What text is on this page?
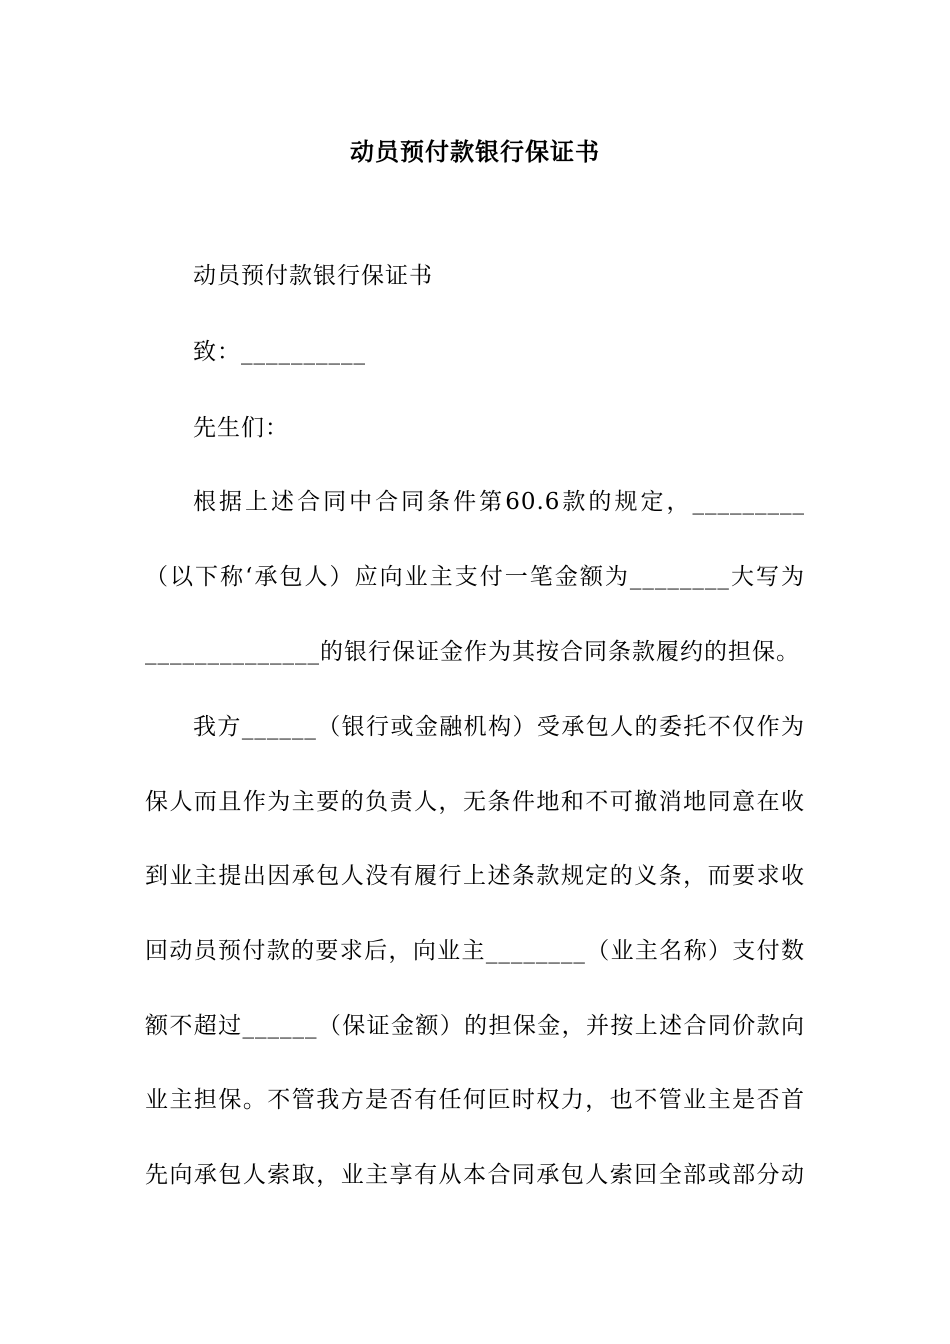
动员预付款银行保证书
动员预付款银行保证书
致：__________
先生们：
根据上述合同中合同条件第60.6款的规定，_________
（以下称‘承包人）应向业主支付一笔金额为________大写为
______________的银行保证金作为其按合同条款履约的担保。
我方______（银行或金融机构）受承包人的委托不仅作为
保人而且作为主要的负责人，无条件地和不可撤消地同意在收
到业主提出因承包人没有履行上述条款规定的义条，而要求收
回动员预付款的要求后，向业主________（业主名称）支付数
额不超过______（保证金额）的担保金，并按上述合同价款向
业主担保。不管我方是否有任何叵时权力，也不管业主是否首
先向承包人索取，业主享有从本合同承包人索回全部或部分动
